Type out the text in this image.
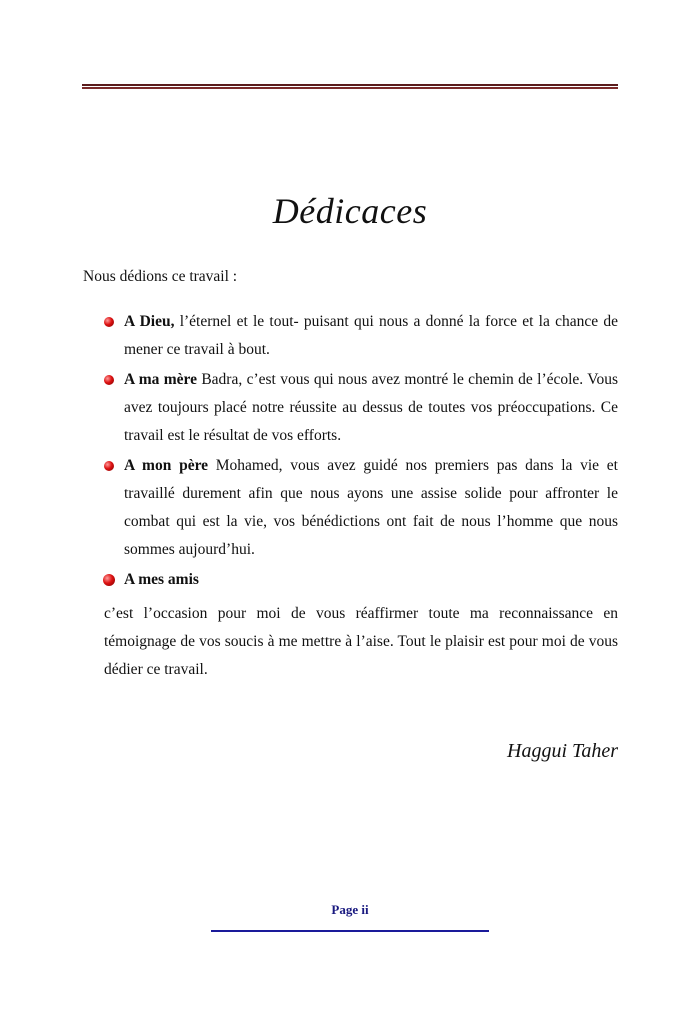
Dédicaces
Nous dédions ce travail :
A Dieu, l’éternel et le tout- puisant qui nous a donné la force et la chance de mener ce travail à bout.
A ma mère Badra, c’est vous qui nous avez montré le chemin de l’école. Vous avez toujours placé notre réussite au dessus de toutes vos préoccupations. Ce travail est le résultat de vos efforts.
A mon père Mohamed, vous avez guidé nos premiers pas dans la vie et travaillé durement afin que nous ayons une assise solide pour affronter le combat qui est la vie, vos bénédictions ont fait de nous l’homme que nous sommes aujourd’hui.
A mes amis
c’est l’occasion pour moi de vous réaffirmer toute ma reconnaissance en témoignage de vos soucis à me mettre à l’aise. Tout le plaisir est pour moi de vous dédier ce travail.
Haggui Taher
Page ii
